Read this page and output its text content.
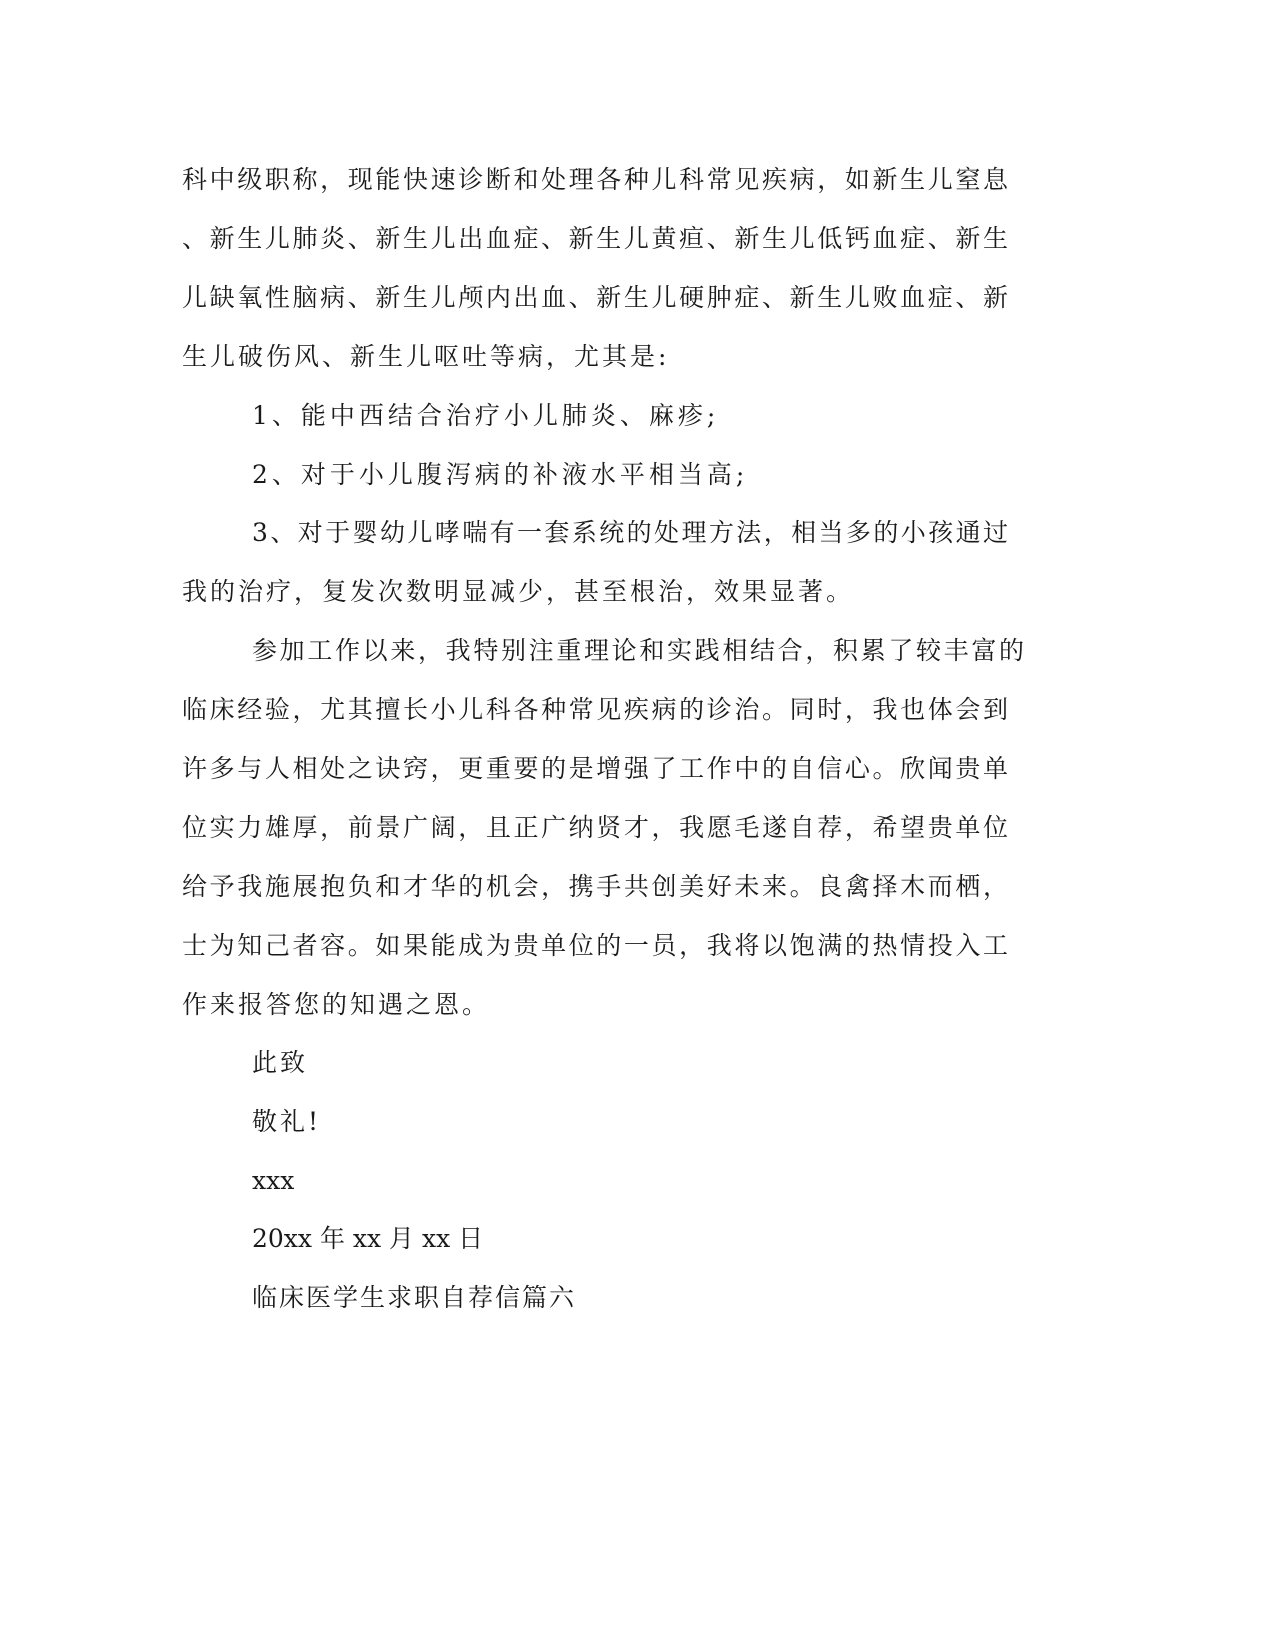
科中级职称，现能快速诊断和处理各种儿科常见疾病，如新生儿窒息

、新生儿肺炎、新生儿出血症、新生儿黄疸、新生儿低钙血症、新生

儿缺氧性脑病、新生儿颅内出血、新生儿硬肿症、新生儿败血症、新

生儿破伤风、新生儿呕吐等病，尤其是:

1、能中西结合治疗小儿肺炎、麻疹;

2、对于小儿腹泻病的补液水平相当高;

3、对于婴幼儿哮喘有一套系统的处理方法，相当多的小孩通过

我的治疗，复发次数明显减少，甚至根治，效果显著。

参加工作以来，我特别注重理论和实践相结合，积累了较丰富的

临床经验，尤其擅长小儿科各种常见疾病的诊治。同时，我也体会到

许多与人相处之诀窍，更重要的是增强了工作中的自信心。欣闻贵单

位实力雄厚，前景广阔，且正广纳贤才，我愿毛遂自荐，希望贵单位

给予我施展抱负和才华的机会，携手共创美好未来。良禽择木而栖，

士为知己者容。如果能成为贵单位的一员，我将以饱满的热情投入工

作来报答您的知遇之恩。

此致

敬礼!

xxx

20xx 年 xx 月 xx 日

临床医学生求职自荐信篇六
